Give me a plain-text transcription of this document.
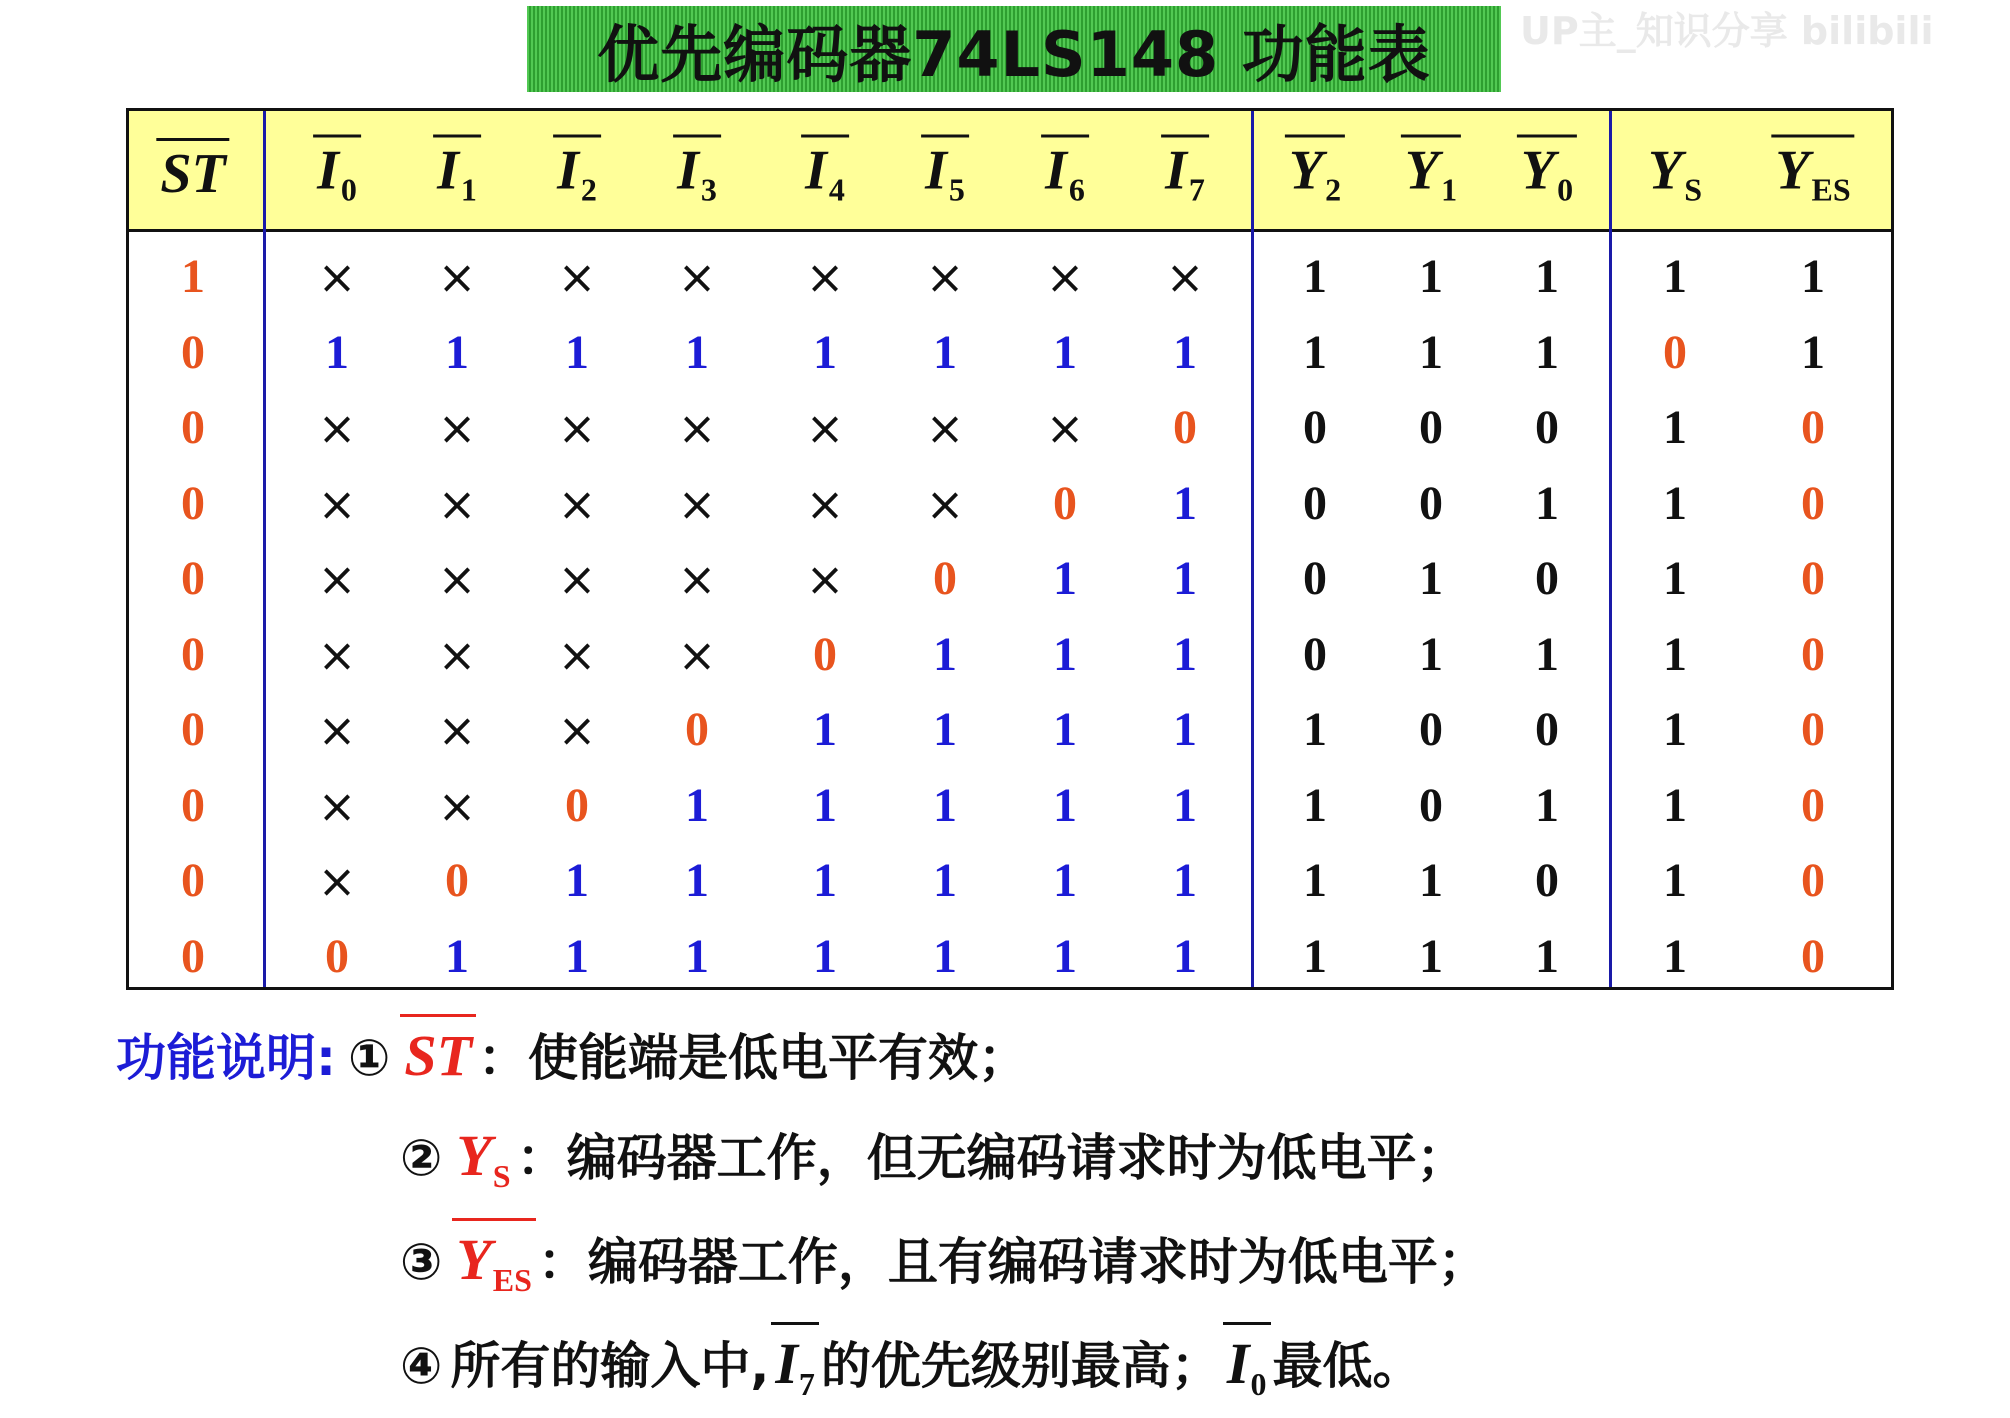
优先编码器74LS148 功能表 UP主_知识分享 bilibili
ST $I_0$ $I_1$ $I_2$ $I_3$ $I_4$ $I_5$ $I_6$ $I_7$ $Y_2$ $Y_1$ $Y_0$ $Y_S$ $Y_{ES}$
1 × × × × × × × × 1 1 1 1 1
0	1 1 1 1 1 1 1 1 1 1 1 0 1
0 × × × × × × × 0 0 0 0 1 0
0 × × × × × × 0 1 0 0 1 1 0
0 × × × × × 0 1 1 0 1 0 1 0
0 × × × × 0 1 1 1 0 1 1 1 0
0 × × × 0 1 1 1 1 1 0 0 1 0
0 × × 0 1 1 1 1 1 1 0 1 1 0
0 × 0 1 1 1 1 1 1 1 1 0 1 0
0	0 1 1 1 1 1 1 1 1 1 1 1 0
功能说明: ① ST ：使能端是低电平有效；
② $Y_S$ ：编码器工作，但无编码请求时为低电平；
③ $Y_{ES}$ ：编码器工作，且有编码请求时为低电平；
④ 所有的输入中, $I_7$ 的优先级别最高； $I_0$ 最低。
